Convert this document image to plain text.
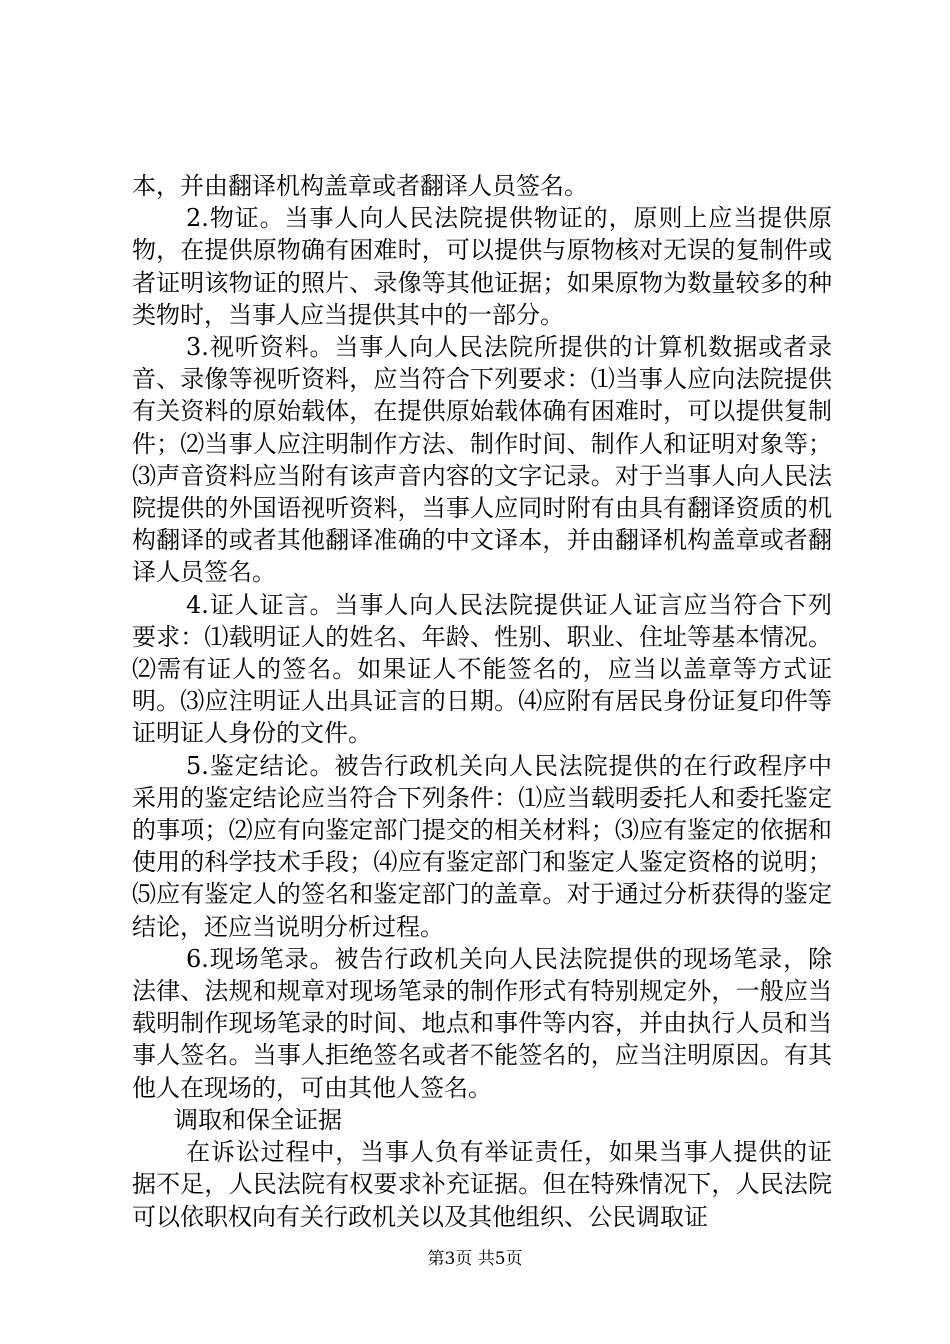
本，并由翻译机构盖章或者翻译人员签名。

2.物证。当事人向人民法院提供物证的，原则上应当提供原物，在提供原物确有困难时，可以提供与原物核对无误的复制件或者证明该物证的照片、录像等其他证据；如果原物为数量较多的种类物时，当事人应当提供其中的一部分。

3.视听资料。当事人向人民法院所提供的计算机数据或者录音、录像等视听资料，应当符合下列要求：⑴当事人应向法院提供有关资料的原始载体，在提供原始载体确有困难时，可以提供复制件；⑵当事人应注明制作方法、制作时间、制作人和证明对象等；⑶声音资料应当附有该声音内容的文字记录。对于当事人向人民法院提供的外国语视听资料，当事人应同时附有由具有翻译资质的机构翻译的或者其他翻译准确的中文译本，并由翻译机构盖章或者翻译人员签名。

4.证人证言。当事人向人民法院提供证人证言应当符合下列要求：⑴载明证人的姓名、年龄、性别、职业、住址等基本情况。⑵需有证人的签名。如果证人不能签名的，应当以盖章等方式证明。⑶应注明证人出具证言的日期。⑷应附有居民身份证复印件等证明证人身份的文件。

5.鉴定结论。被告行政机关向人民法院提供的在行政程序中采用的鉴定结论应当符合下列条件：⑴应当载明委托人和委托鉴定的事项；⑵应有向鉴定部门提交的相关材料；⑶应有鉴定的依据和使用的科学技术手段；⑷应有鉴定部门和鉴定人鉴定资格的说明；⑸应有鉴定人的签名和鉴定部门的盖章。对于通过分析获得的鉴定结论，还应当说明分析过程。

6.现场笔录。被告行政机关向人民法院提供的现场笔录，除法律、法规和规章对现场笔录的制作形式有特别规定外，一般应当载明制作现场笔录的时间、地点和事件等内容，并由执行人员和当事人签名。当事人拒绝签名或者不能签名的，应当注明原因。有其他人在现场的，可由其他人签名。

调取和保全证据

在诉讼过程中，当事人负有举证责任，如果当事人提供的证据不足，人民法院有权要求补充证据。但在特殊情况下，人民法院可以依职权向有关行政机关以及其他组织、公民调取证

第3页 共5页
